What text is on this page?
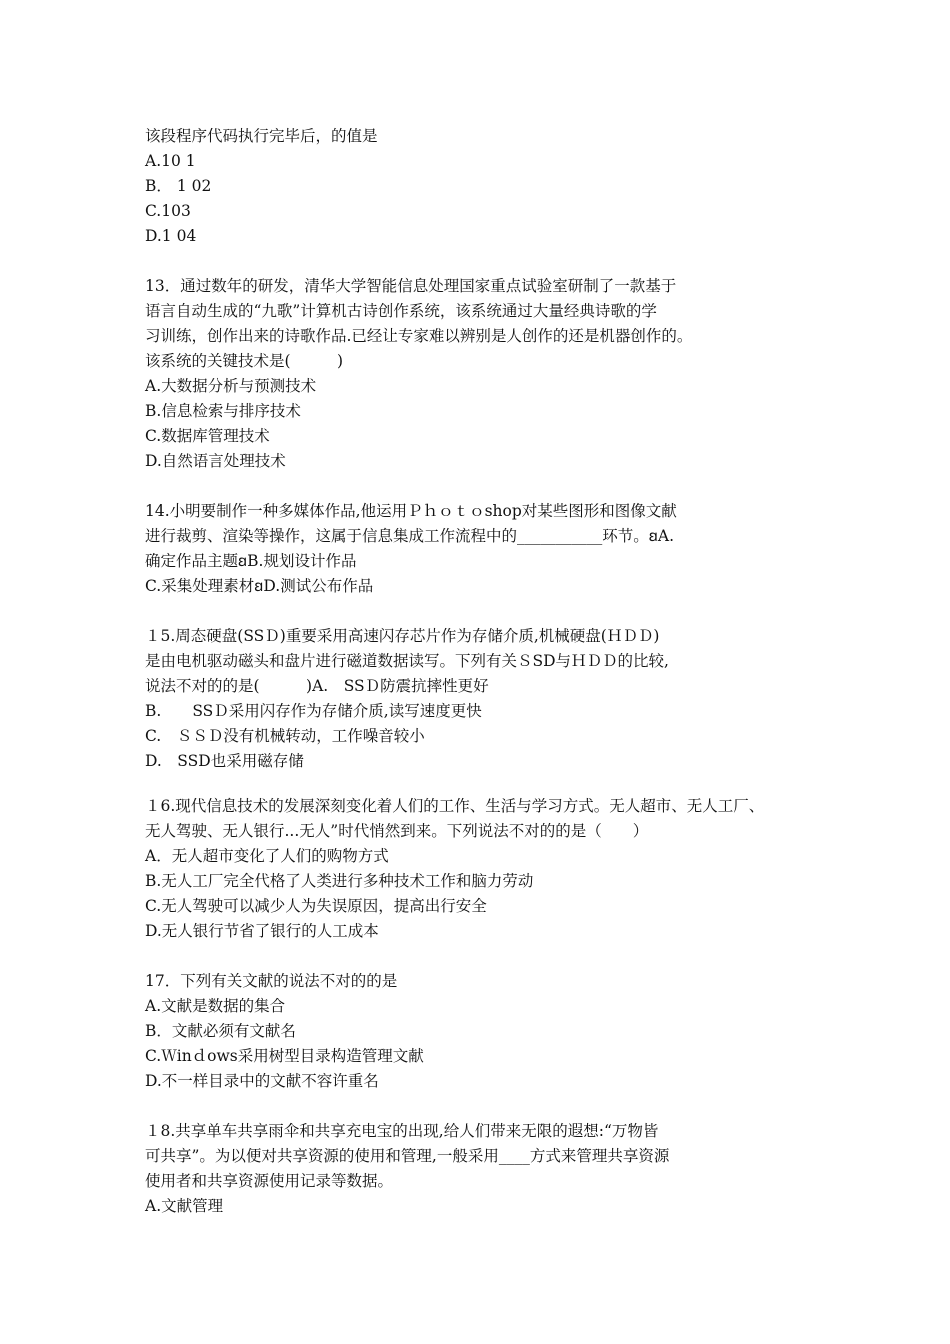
该段程序代码执行完毕后，的值是
A.10 1
B． 1 02
C.103
D.1 04
13．通过数年的研发，清华大学智能信息处理国家重点试验室研制了一款基于
语言自动生成的“九歌”计算机古诗创作系统，该系统通过大量经典诗歌的学
习训练，创作出来的诗歌作品.已经让专家难以辨别是人创作的还是机器创作的。
该系统的关键技术是(　　　)
A.大数据分析与预测技术
B.信息检索与排序技术
C.数据库管理技术
D.自然语言处理技术
14.小明要制作一种多媒体作品,他运用Ｐｈｏｔｏshop对某些图形和图像文献
进行裁剪、渲染等操作，这属于信息集成工作流程中的___________环节。ꞛA.
确定作品主题ꞛB.规划设计作品
C.采集处理素材ꞛD.测试公布作品
１5.周态硬盘(SSＤ)重要采用高速闪存芯片作为存储介质,机械硬盘(ＨＤＤ)
是由电机驱动磁头和盘片进行磁道数据读写。下列有关ＳSD与ＨＤＤ的比较,
说法不对的的是(　　　)A.　SSＤ防震抗摔性更好
B.　　SSＤ采用闪存作为存储介质,读写速度更快
C.　ＳＳＤ没有机械转动，工作噪音较小
D.　SSD也采用磁存储
１6.现代信息技术的发展深刻变化着人们的工作、生活与学习方式。无人超市、无人工厂、
无人驾驶、无人银行...无人”时代悄然到来。下列说法不对的的是（　　）
A．无人超市变化了人们的购物方式
B.无人工厂完全代格了人类进行多种技术工作和脑力劳动
C.无人驾驶可以减少人为失误原因，提高出行安全
D.无人银行节省了银行的人工成本
17．下列有关文献的说法不对的的是
A.文献是数据的集合
B．文献必须有文献名
C.Ｗinｄows采用树型目录构造管理文献
D.不一样目录中的文献不容许重名
１8.共享单车共享雨伞和共享充电宝的出现,给人们带来无限的遐想:“万物皆
可共享”。为以便对共享资源的使用和管理,一般采用____方式来管理共享资源
使用者和共享资源使用记录等数据。
A.文献管理
